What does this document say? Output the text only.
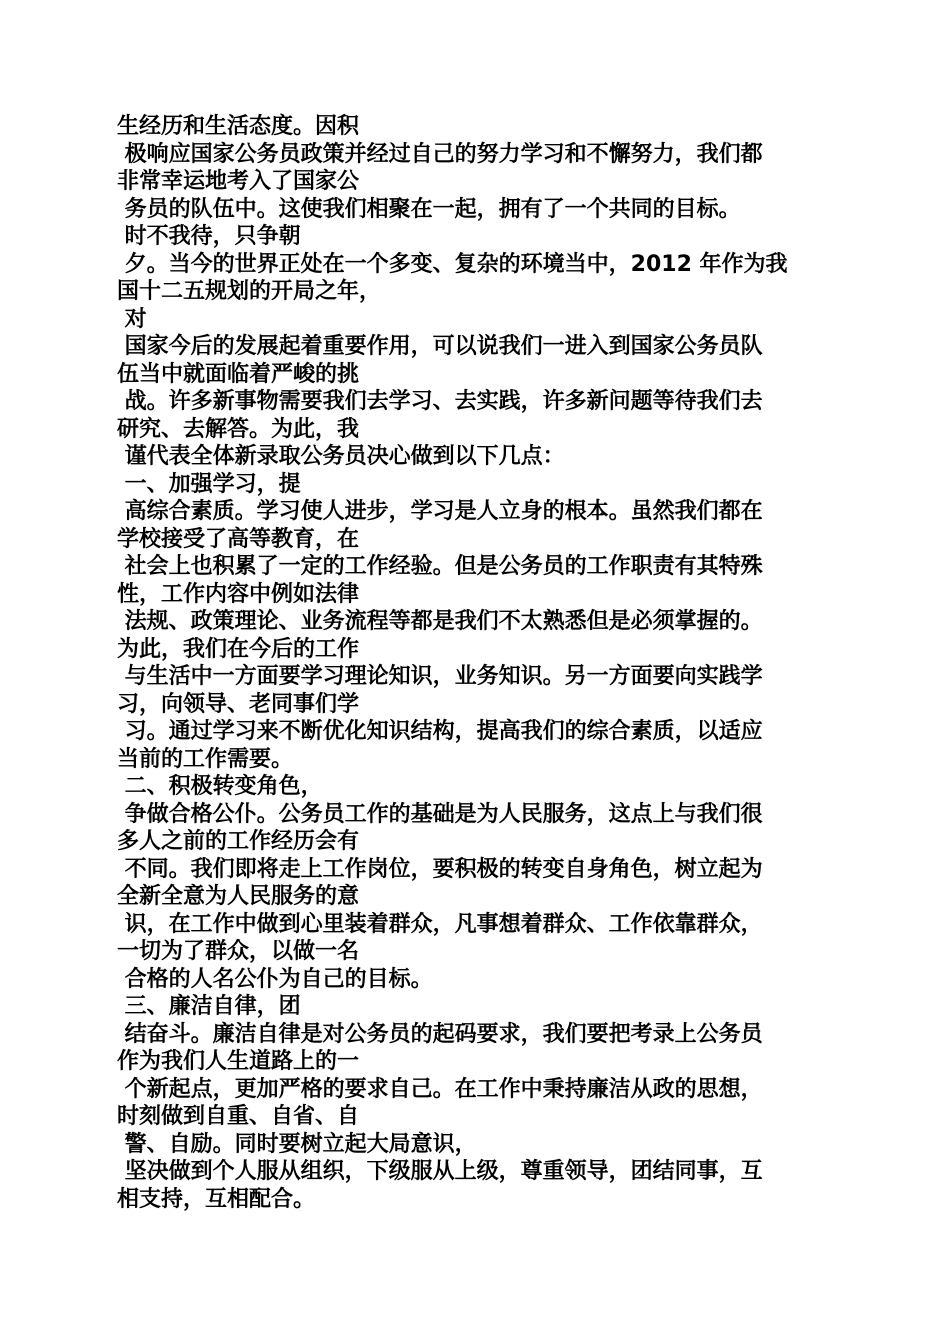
生经历和生活态度。因积
极响应国家公务员政策并经过自己的努力学习和不懈努力，我们都
非常幸运地考入了国家公
务员的队伍中。这使我们相聚在一起，拥有了一个共同的目标。
时不我待，只争朝
夕。当今的世界正处在一个多变、复杂的环境当中，2012 年作为我
国十二五规划的开局之年，
对
国家今后的发展起着重要作用，可以说我们一进入到国家公务员队
伍当中就面临着严峻的挑
战。许多新事物需要我们去学习、去实践，许多新问题等待我们去
研究、去解答。为此，我
谨代表全体新录取公务员决心做到以下几点：
一、加强学习，提
高综合素质。学习使人进步，学习是人立身的根本。虽然我们都在
学校接受了高等教育，在
社会上也积累了一定的工作经验。但是公务员的工作职责有其特殊
性，工作内容中例如法律
法规、政策理论、业务流程等都是我们不太熟悉但是必须掌握的。
为此，我们在今后的工作
与生活中一方面要学习理论知识，业务知识。另一方面要向实践学
习，向领导、老同事们学
习。通过学习来不断优化知识结构，提高我们的综合素质，以适应
当前的工作需要。
二、积极转变角色，
争做合格公仆。公务员工作的基础是为人民服务，这点上与我们很
多人之前的工作经历会有
不同。我们即将走上工作岗位，要积极的转变自身角色，树立起为
全新全意为人民服务的意
识，在工作中做到心里装着群众，凡事想着群众、工作依靠群众，
一切为了群众，以做一名
合格的人名公仆为自己的目标。
三、廉洁自律，团
结奋斗。廉洁自律是对公务员的起码要求，我们要把考录上公务员
作为我们人生道路上的一
个新起点，更加严格的要求自己。在工作中秉持廉洁从政的思想，
时刻做到自重、自省、自
警、自励。同时要树立起大局意识，
坚决做到个人服从组织，下级服从上级，尊重领导，团结同事，互
相支持，互相配合。
